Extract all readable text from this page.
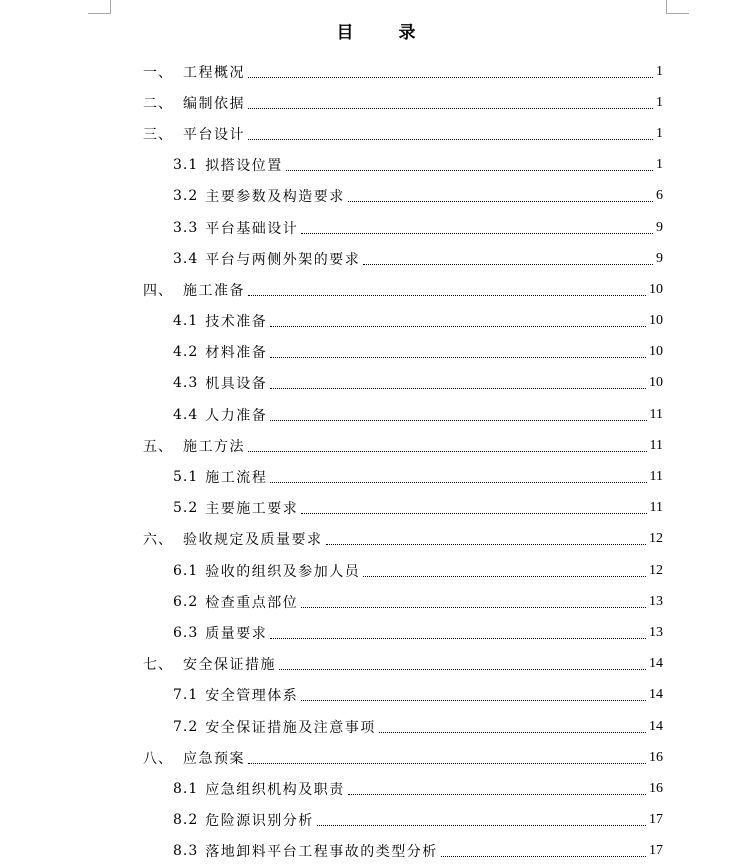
目　录
一、 工程概况	1
二、 编制依据	1
三、 平台设计	1
3.1 拟搭设位置	1
3.2 主要参数及构造要求	6
3.3 平台基础设计	9
3.4 平台与两侧外架的要求	9
四、 施工准备	10
4.1 技术准备	10
4.2 材料准备	10
4.3 机具设备	10
4.4 人力准备	11
五、 施工方法	11
5.1 施工流程	11
5.2 主要施工要求	11
六、 验收规定及质量要求	12
6.1 验收的组织及参加人员	12
6.2 检查重点部位	13
6.3 质量要求	13
七、 安全保证措施	14
7.1 安全管理体系	14
7.2 安全保证措施及注意事项	14
八、 应急预案	16
8.1 应急组织机构及职责	16
8.2 危险源识别分析	17
8.3 落地卸料平台工程事故的类型分析	17
